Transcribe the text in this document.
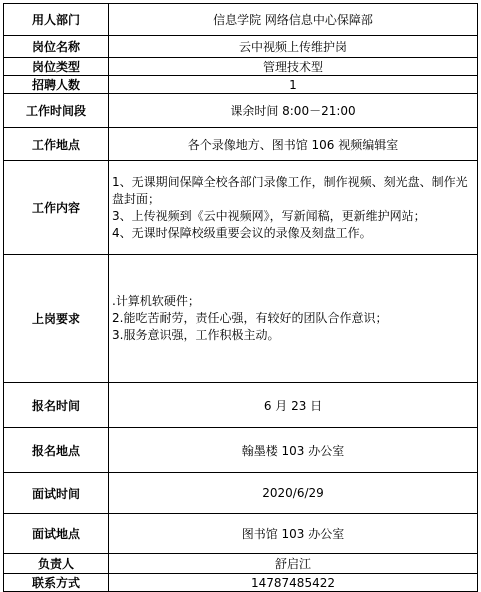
用人部门	信息学院 网络信息中心保障部
岗位名称	云中视频上传维护岗
岗位类型	管理技术型
招聘人数	1
工作时间段	课余时间 8:00－21:00
工作地点	各个录像地方、图书馆 106 视频编辑室
工作内容	1、无课期间保障全校各部门录像工作，制作视频、刻光盘、制作光盘封面；
3、上传视频到《云中视频网》，写新闻稿，更新维护网站；
4、无课时保障校级重要会议的录像及刻盘工作。

上岗要求	.计算机软硬件；
2.能吃苦耐劳，责任心强，有较好的团队合作意识；
3.服务意识强，工作积极主动。

报名时间	6 月 23 日
报名地点	翰墨楼 103 办公室
面试时间	2020/6/29
面试地点	图书馆 103 办公室
负责人	舒启江
联系方式	14787485422
